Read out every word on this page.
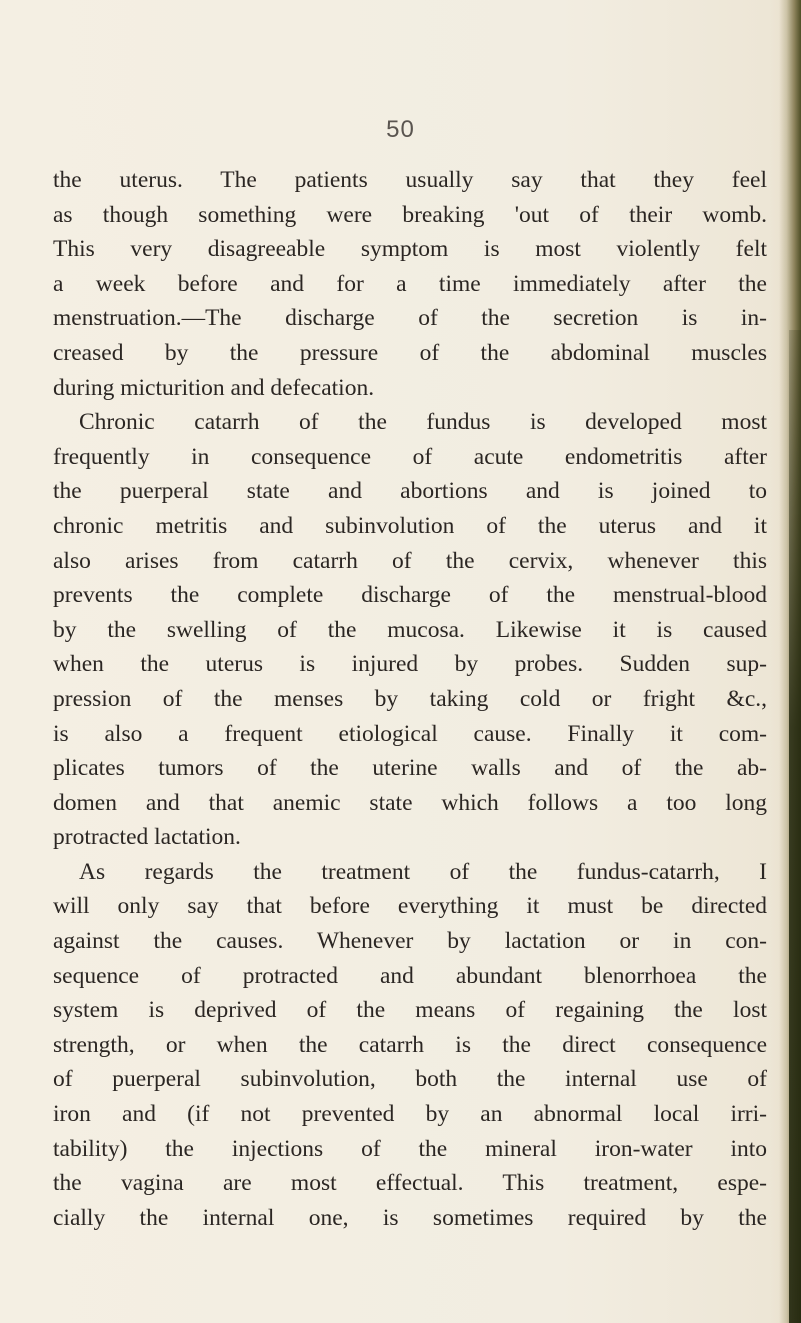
50
the uterus. The patients usually say that they feel
as though something were breaking 'out of their womb.
This very disagreeable symptom is most violently felt
a week before and for a time immediately after the
menstruation.—The discharge of the secretion is in-
creased by the pressure of the abdominal muscles
during micturition and defecation.
Chronic catarrh of the fundus is developed most
frequently in consequence of acute endometritis after
the puerperal state and abortions and is joined to
chronic metritis and subinvolution of the uterus and it
also arises from catarrh of the cervix, whenever this
prevents the complete discharge of the menstrual-blood
by the swelling of the mucosa. Likewise it is caused
when the uterus is injured by probes. Sudden sup-
pression of the menses by taking cold or fright &c.,
is also a frequent etiological cause. Finally it com-
plicates tumors of the uterine walls and of the ab-
domen and that anemic state which follows a too long
protracted lactation.
As regards the treatment of the fundus-catarrh, I
will only say that before everything it must be directed
against the causes. Whenever by lactation or in con-
sequence of protracted and abundant blenorrhoea the
system is deprived of the means of regaining the lost
strength, or when the catarrh is the direct consequence
of puerperal subinvolution, both the internal use of
iron and (if not prevented by an abnormal local irri-
tability) the injections of the mineral iron-water into
the vagina are most effectual. This treatment, espe-
cially the internal one, is sometimes required by the
